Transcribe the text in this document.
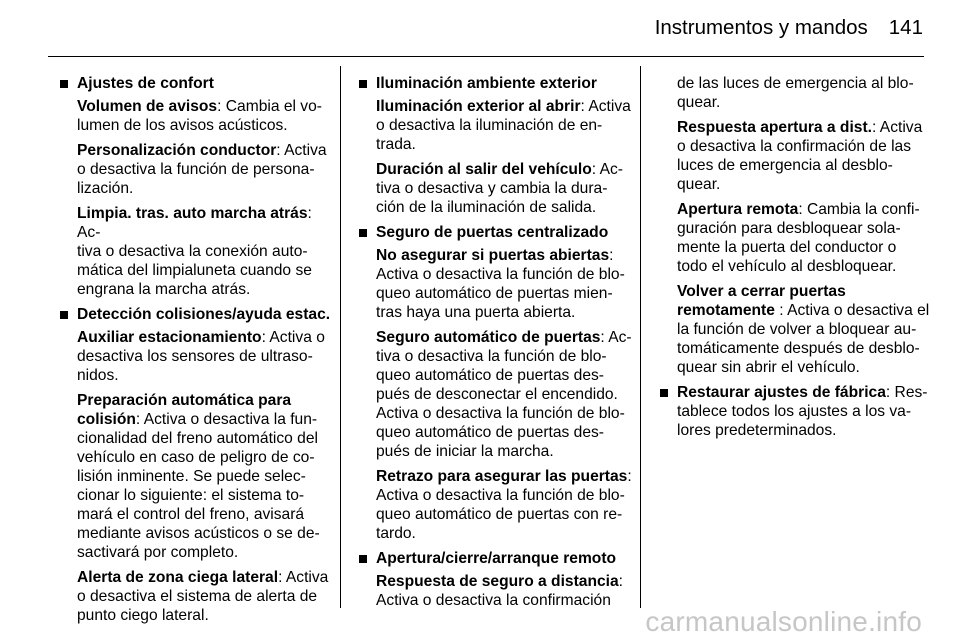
Instrumentos y mandos 141
Ajustes de confort
Volumen de avisos: Cambia el vo-
lumen de los avisos acústicos.
Personalización conductor: Activa
o desactiva la función de persona-
lización.
Limpia. tras. auto marcha atrás: Ac-
tiva o desactiva la conexión auto-
mática del limpialuneta cuando se
engrana la marcha atrás.
Detección colisiones/ayuda estac.
Auxiliar estacionamiento: Activa o
desactiva los sensores de ultraso-
nidos.
Preparación automática para
colisión: Activa o desactiva la fun-
cionalidad del freno automático del
vehículo en caso de peligro de co-
lisión inminente. Se puede selec-
cionar lo siguiente: el sistema to-
mará el control del freno, avisará
mediante avisos acústicos o se de-
sactivará por completo.
Alerta de zona ciega lateral: Activa
o desactiva el sistema de alerta de
punto ciego lateral.
Iluminación ambiente exterior
Iluminación exterior al abrir: Activa
o desactiva la iluminación de en-
trada.
Duración al salir del vehículo: Ac-
tiva o desactiva y cambia la dura-
ción de la iluminación de salida.
Seguro de puertas centralizado
No asegurar si puertas abiertas:
Activa o desactiva la función de blo-
queo automático de puertas mien-
tras haya una puerta abierta.
Seguro automático de puertas: Ac-
tiva o desactiva la función de blo-
queo automático de puertas des-
pués de desconectar el encendido.
Activa o desactiva la función de blo-
queo automático de puertas des-
pués de iniciar la marcha.
Retrazo para asegurar las puertas:
Activa o desactiva la función de blo-
queo automático de puertas con re-
tardo.
Apertura/cierre/arranque remoto
Respuesta de seguro a distancia:
Activa o desactiva la confirmación
de las luces de emergencia al blo-
quear.
Respuesta apertura a dist.: Activa
o desactiva la confirmación de las
luces de emergencia al desblo-
quear.
Apertura remota: Cambia la confi-
guración para desbloquear sola-
mente la puerta del conductor o
todo el vehículo al desbloquear.
Volver a cerrar puertas
remotamente : Activa o desactiva el
la función de volver a bloquear au-
tomáticamente después de desblo-
quear sin abrir el vehículo.
Restaurar ajustes de fábrica: Res-
tablece todos los ajustes a los va-
lores predeterminados.
carmanualsonline.info
